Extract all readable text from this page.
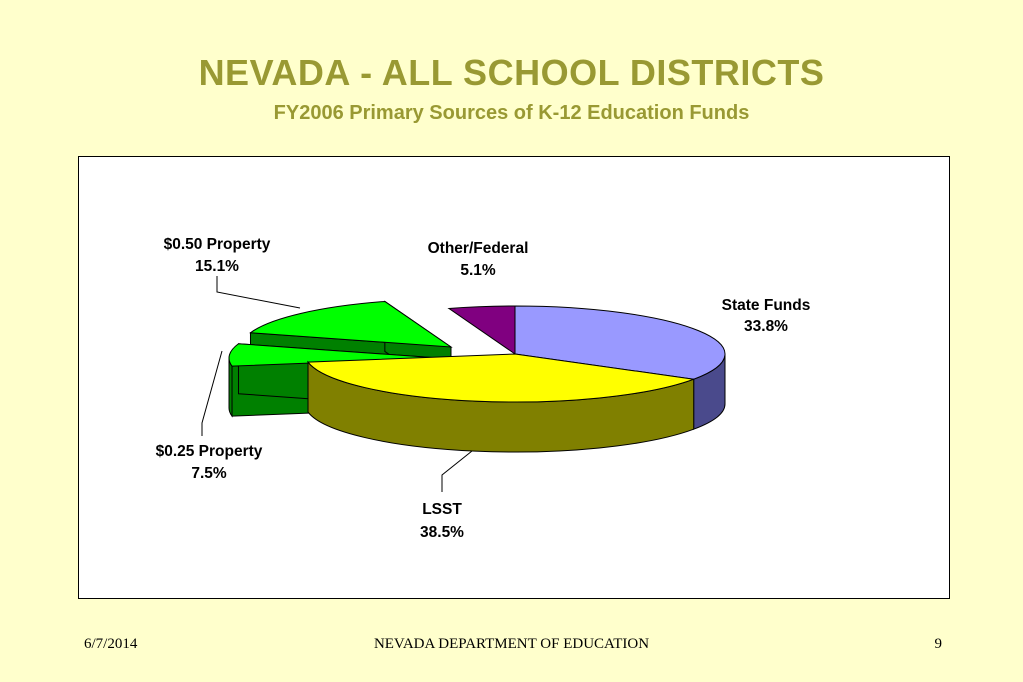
NEVADA - ALL SCHOOL DISTRICTS
FY2006 Primary Sources of K-12 Education Funds
State Funds
33.8%
LSST
38.5%
$0.25 Property
7.5%
$0.50 Property
15.1%
Other/Federal
5.1%
6/7/2014	NEVADA DEPARTMENT OF EDUCATION	9
